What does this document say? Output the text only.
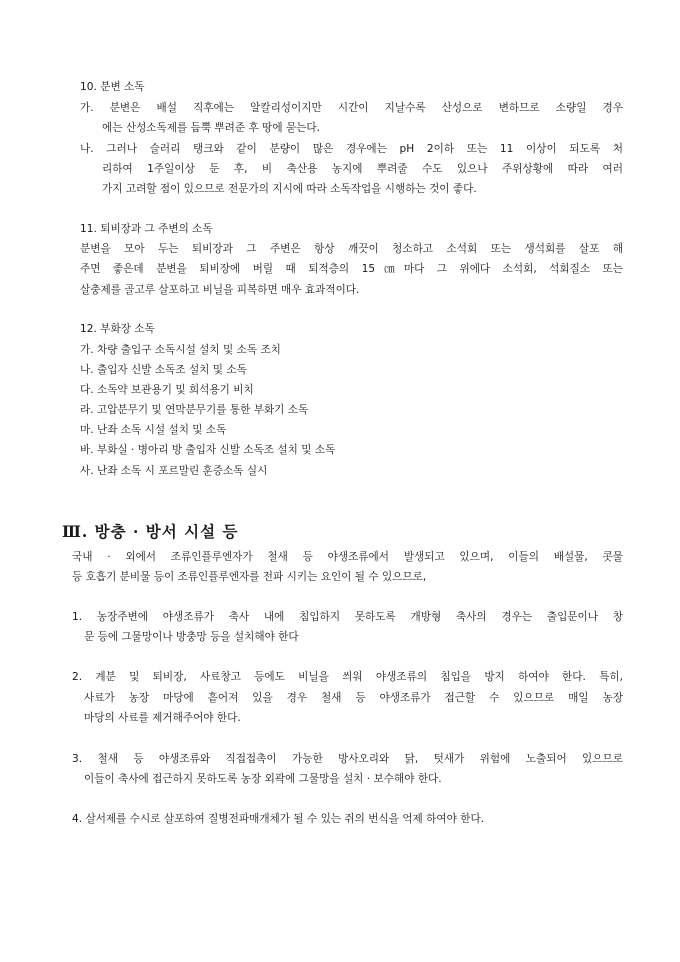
10. 분변 소독
가. 분변은 배설 직후에는 알칼리성이지만 시간이 지날수록 산성으로 변하므로 소량일 경우
에는 산성소독제를 듬뿍 뿌려준 후 땅에 묻는다.
나. 그러나 슬러리 탱크와 같이 분량이 많은 경우에는 pH 2이하 또는 11 이상이 되도록 처
리하여 1주일이상 둔 후, 비 축산용 농지에 뿌려줄 수도 있으나 주위상황에 따라 여러
가지 고려할 점이 있으므로 전문가의 지시에 따라 소독작업을 시행하는 것이 좋다.
11. 퇴비장과 그 주변의 소독
분변을 모아 두는 퇴비장과 그 주변은 항상 깨끗이 청소하고 소석회 또는 생석회를 살포 해
주면 좋은데 분변을 퇴비장에 버릴 때 퇴적층의 15㎝마다 그 위에다 소석회, 석회질소 또는
살충제를 골고루 살포하고 비닐을 피복하면 매우 효과적이다.
12. 부화장 소독
가. 차량 출입구 소독시설 설치 및 소독 조치
나. 출입자 신발 소독조 설치 및 소독
다. 소독약 보관용기 및 희석용기 비치
라. 고압분무기 및 연막분무기를 통한 부화기 소독
마. 난좌 소독 시설 설치 및 소독
바. 부화실 · 병아리 방 출입자 신발 소독조 설치 및 소독
사. 난좌 소독 시 포르말린 훈증소독 실시
Ⅲ. 방충 · 방서 시설 등
국내 · 외에서 조류인플루엔자가 철새 등 야생조류에서 발생되고 있으며, 이들의 배설물, 콧물
등 호흡기 분비물 등이 조류인플루엔자를 전파 시키는 요인이 될 수 있으므로,
1. 농장주변에 야생조류가 축사 내에 침입하지 못하도록 개방형 축사의 경우는 출입문이나 창
문 등에 그물망이나 방충망 등을 설치해야 한다
2. 계분 및 퇴비장, 사료창고 등에도 비닐을 씌워 야생조류의 침입을 방지 하여야 한다. 특히,
사료가 농장 마당에 흩어져 있을 경우 철새 등 야생조류가 접근할 수 있으므로 매일 농장
마당의 사료를 제거해주어야 한다.
3. 철새 등 야생조류와 직접접촉이 가능한 방사오리와 닭, 텃새가 위험에 노출되어 있으므로
이들이 축사에 접근하지 못하도록 농장 외곽에 그물망을 설치 · 보수해야 한다.
4. 살서제를 수시로 살포하여 질병전파매개체가 될 수 있는 쥐의 번식을 억제 하여야 한다.
